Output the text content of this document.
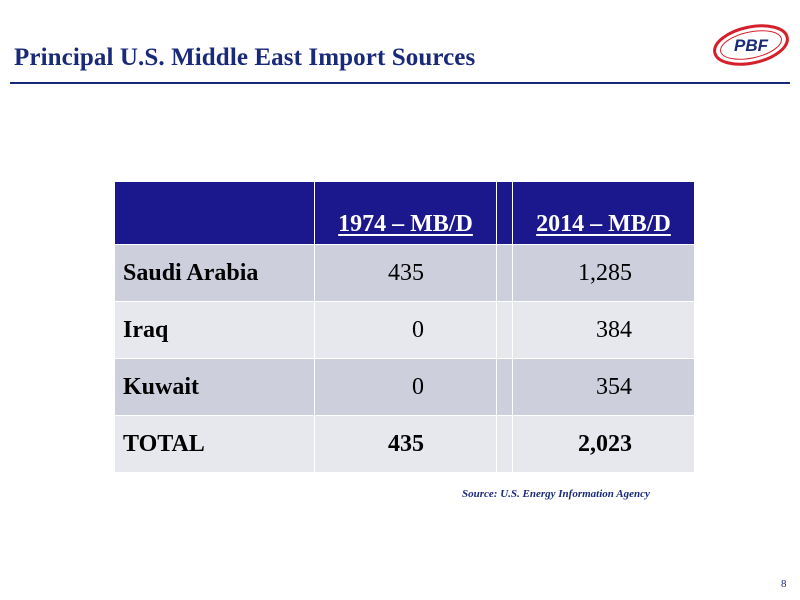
Principal U.S. Middle East Import Sources	PBF
	1974 – MB/D		2014 – MB/D
Saudi Arabia	435		1,285
Iraq	0		384
Kuwait	0		354
TOTAL	435		2,023
Source: U.S. Energy Information Agency
8
